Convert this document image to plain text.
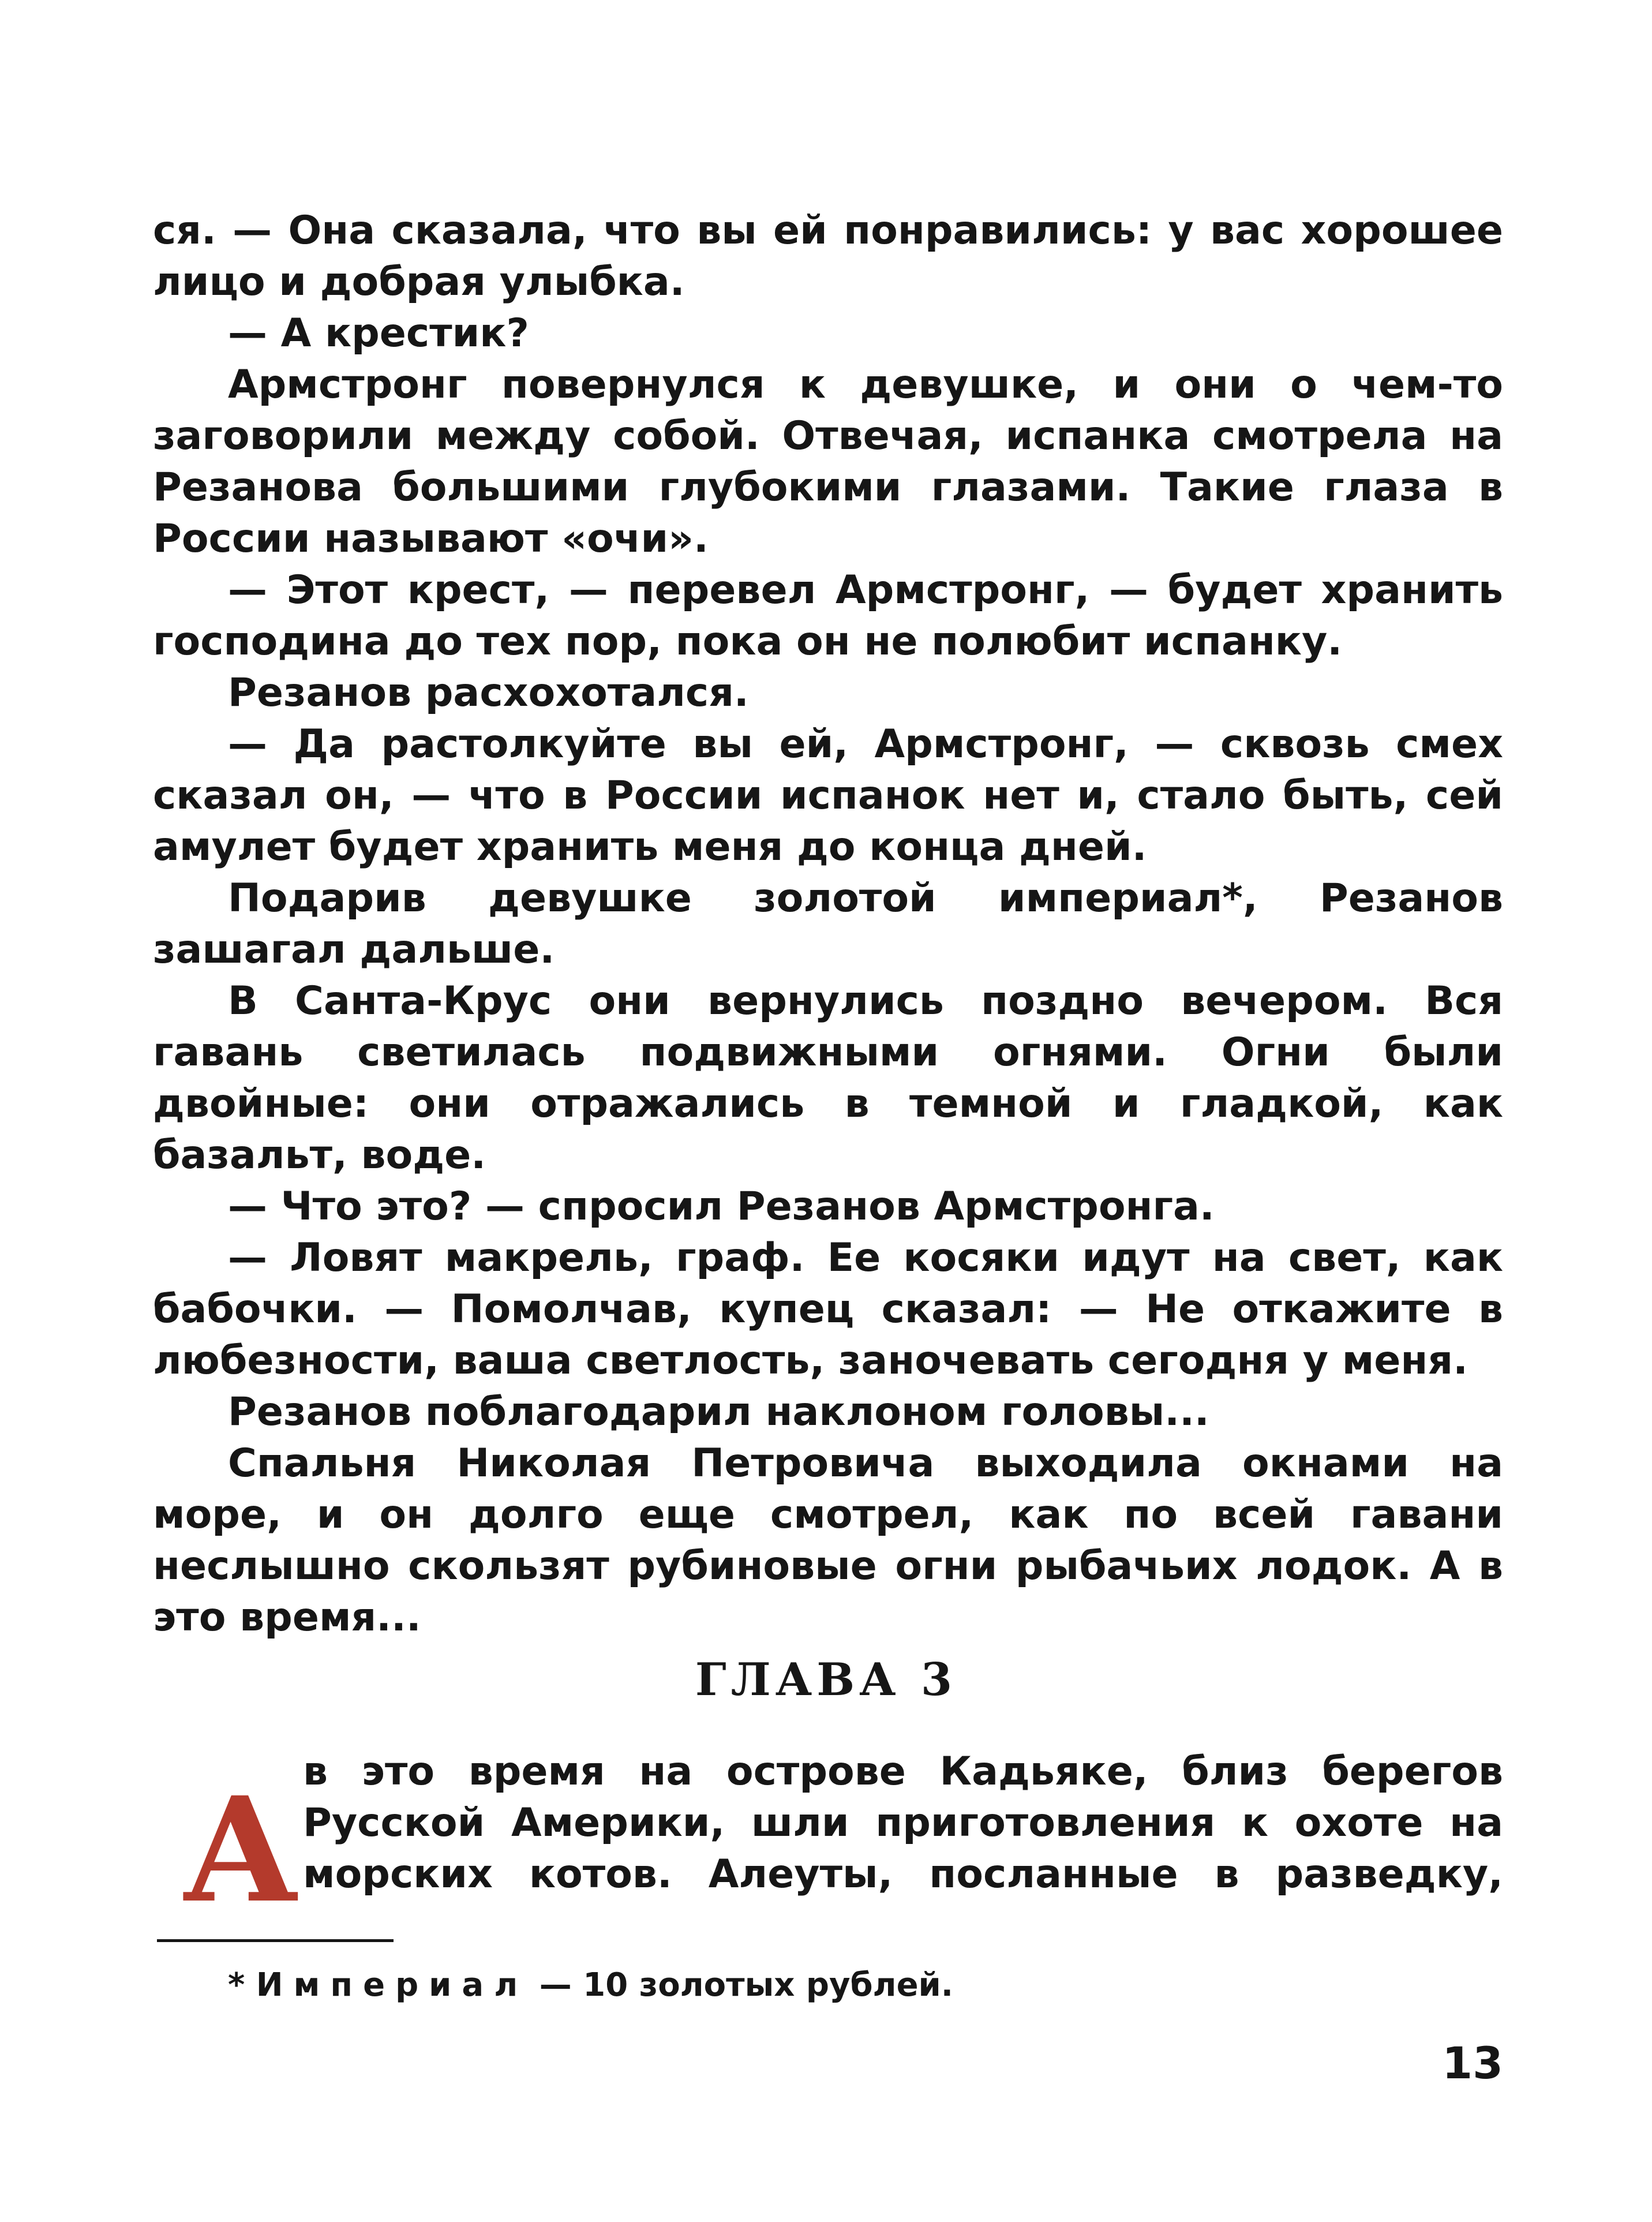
ся. — Она сказала, что вы ей понравились: у вас хорошее лицо и добрая улыбка.

— А крестик?

Армстронг повернулся к девушке, и они о чем-то заговорили между собой. Отвечая, испанка смотрела на Резанова большими глубокими глазами. Такие глаза в России называют «очи».

— Этот крест, — перевел Армстронг, — будет хранить господина до тех пор, пока он не полюбит испанку.

Резанов расхохотался.

— Да растолкуйте вы ей, Армстронг, — сквозь смех сказал он, — что в России испанок нет и, стало быть, сей амулет будет хранить меня до конца дней.

Подарив девушке золотой империал*, Резанов зашагал дальше.

В Санта-Крус они вернулись поздно вечером. Вся гавань светилась подвижными огнями. Огни были двойные: они отражались в темной и гладкой, как базальт, воде.

— Что это? — спросил Резанов Армстронга.

— Ловят макрель, граф. Ее косяки идут на свет, как бабочки. — Помолчав, купец сказал: — Не откажите в любезности, ваша светлость, заночевать сегодня у меня.

Резанов поблагодарил наклоном головы...

Спальня Николая Петровича выходила окнами на море, и он долго еще смотрел, как по всей гавани неслышно скользят рубиновые огни рыбачьих лодок. А в это время...

ГЛАВА 3
А в это время на острове Кадьяке, близ берегов

Русской Америки, шли приготовления к охоте на

морских котов. Алеуты, посланные в разведку,

* Империал — 10 золотых рублей.
13
